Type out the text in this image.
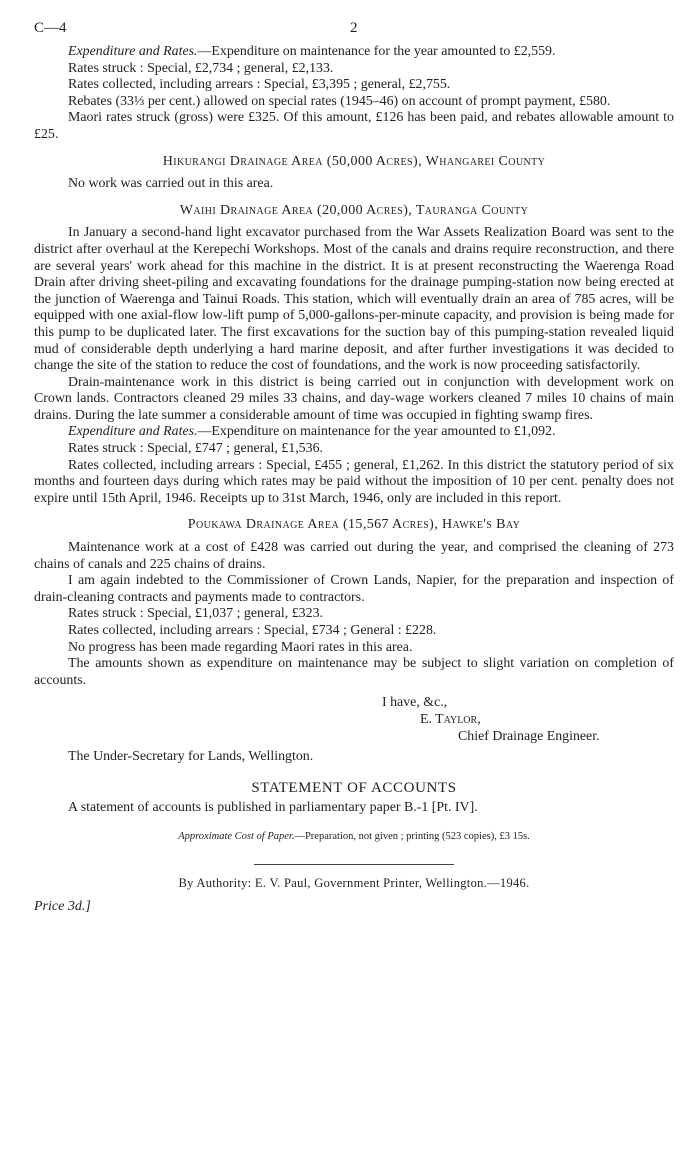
C—4	2

Expenditure and Rates.—Expenditure on maintenance for the year amounted to £2,559.

Rates struck : Special, £2,734 ; general, £2,133.

Rates collected, including arrears : Special, £3,395 ; general, £2,755.

Rebates (33⅓ per cent.) allowed on special rates (1945–46) on account of prompt payment, £580.

Maori rates struck (gross) were £325. Of this amount, £126 has been paid, and rebates allowable amount to £25.

Hikurangi Drainage Area (50,000 Acres), Whangarei County

No work was carried out in this area.

Waihi Drainage Area (20,000 Acres), Tauranga County

In January a second-hand light excavator purchased from the War Assets Realization Board was sent to the district after overhaul at the Kerepechi Workshops. Most of the canals and drains require reconstruction, and there are several years' work ahead for this machine in the district. It is at present reconstructing the Waerenga Road Drain after driving sheet-piling and excavating foundations for the drainage pumping-station now being erected at the junction of Waerenga and Tainui Roads. This station, which will eventually drain an area of 785 acres, will be equipped with one axial-flow low-lift pump of 5,000-gallons-per-minute capacity, and provision is being made for this pump to be duplicated later. The first excavations for the suction bay of this pumping-station revealed liquid mud of considerable depth underlying a hard marine deposit, and after further investigations it was decided to change the site of the station to reduce the cost of foundations, and the work is now proceeding satisfactorily.

Drain-maintenance work in this district is being carried out in conjunction with development work on Crown lands. Contractors cleaned 29 miles 33 chains, and day-wage workers cleaned 7 miles 10 chains of main drains. During the late summer a considerable amount of time was occupied in fighting swamp fires.

Expenditure and Rates.—Expenditure on maintenance for the year amounted to £1,092.

Rates struck : Special, £747 ; general, £1,536.

Rates collected, including arrears : Special, £455 ; general, £1,262. In this district the statutory period of six months and fourteen days during which rates may be paid without the imposition of 10 per cent. penalty does not expire until 15th April, 1946. Receipts up to 31st March, 1946, only are included in this report.

Poukawa Drainage Area (15,567 Acres), Hawke's Bay

Maintenance work at a cost of £428 was carried out during the year, and comprised the cleaning of 273 chains of canals and 225 chains of drains.

I am again indebted to the Commissioner of Crown Lands, Napier, for the preparation and inspection of drain-cleaning contracts and payments made to contractors.

Rates struck : Special, £1,037 ; general, £323.

Rates collected, including arrears : Special, £734 ; General : £228.

No progress has been made regarding Maori rates in this area.

The amounts shown as expenditure on maintenance may be subject to slight variation on completion of accounts.

I have, &c.,
E. Taylor,
Chief Drainage Engineer.
The Under-Secretary for Lands, Wellington.
STATEMENT OF ACCOUNTS
A statement of accounts is published in parliamentary paper B.-1 [Pt. IV].
Approximate Cost of Paper.—Preparation, not given ; printing (523 copies), £3 15s.
By Authority: E. V. Paul, Government Printer, Wellington.—1946.
Price 3d.]
